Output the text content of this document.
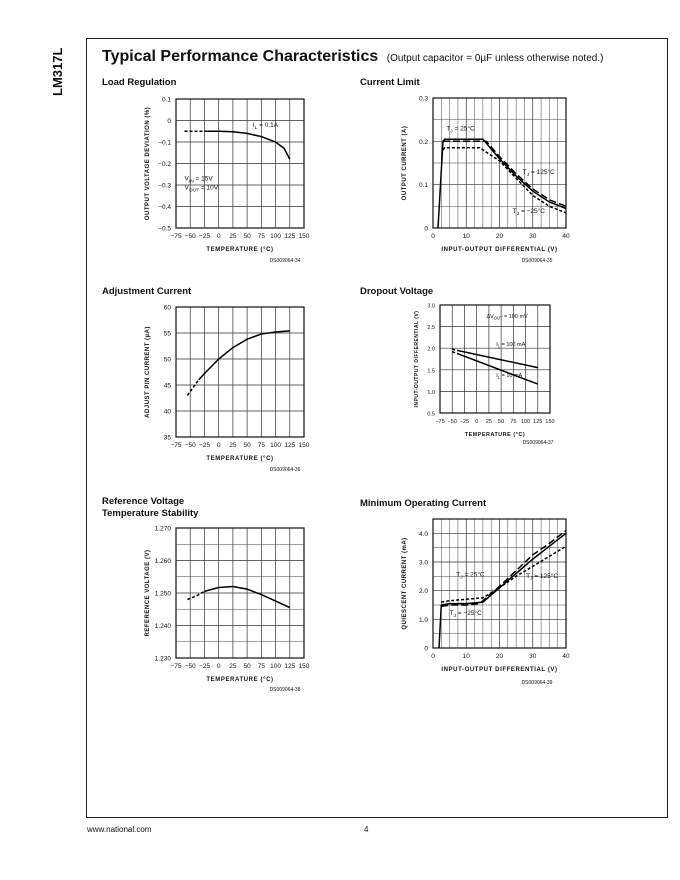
LM317L Typical Performance Characteristics (Output capacitor = 0µF unless otherwise noted.)
Load Regulation	Current Limit
Adjustment Current	Dropout Voltage
Reference Voltage
Temperature Stability
Minimum Operating Current
−75 −50 −25 0 25 50 75 100 125 150
0.1
0
−0.1
−0.2
−0.3
−0.4
−0.5
TEMPERATURE (°C)
OUTPUT VOLTAGE DEVIATION (%)	$I_L = 0.1A$
$V_{IN} = 15V$
$V_{OUT} = 10V$
DS009064-34
0	10	20	30	40
0.3
0.2
0.1
0
INPUT-OUTPUT DIFFERENTIAL (V)
OUTPUT CURRENT (A)	$T_J = 25^\circ C$
$T_J = 125^\circ C$
$T_J = -25^\circ C$
DS009064-35
−75 −50 −25 0 25 50 75 100 125 150
60
55
50
45
40
35
TEMPERATURE (°C)
ADJUST PIN CURRENT (µA)
DS009064-36
−75 −50 −25 0 25 50 75 100 125 150
3.0
2.5
2.0
1.5
1.0
0.5
TEMPERATURE (°C)
INPUT-OUTPUT DIFFERENTIAL (V)	$\Delta V_{OUT} = 100$ mV
$I_L = 100$ mA
$I_L = 10$ mA
DS009064-37
−75 −50 −25 0 25 50 75 100 125 150
1.270
1.260
1.250
1.240
1.230
TEMPERATURE (°C)
REFERENCE VOLTAGE (V)
DS009064-38
0	10	20	30	40
4.0
3.0
2.0
1.0
0
INPUT-OUTPUT DIFFERENTIAL (V)
QUIESCENT CURRENT (mA)	$T_J = 25^\circ C$	$T_J = 125^\circ C$
$T_J = -25^\circ C$
DS009064-39
www.national.com	4
